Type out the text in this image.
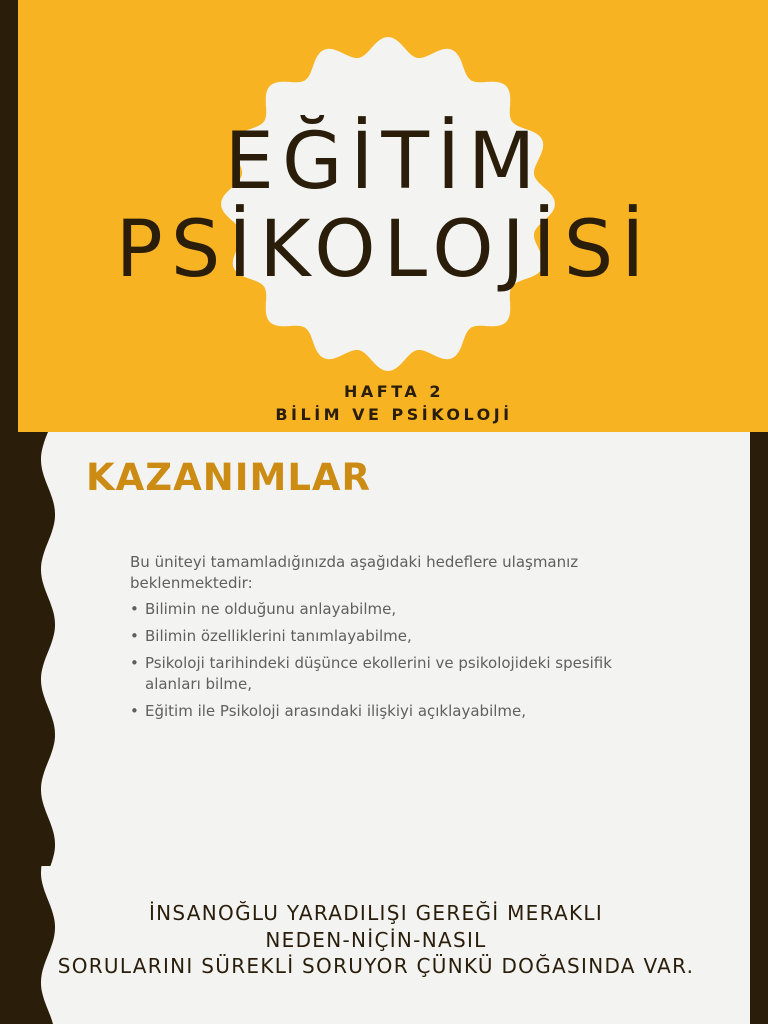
EĞİTİM
PSİKOLOJİSİ
HAFTA 2
BİLİM VE PSİKOLOJİ
KAZANIMLAR

Bu üniteyi tamamladığınızda aşağıdaki hedeflere ulaşmanız beklenmektedir:

• Bilimin ne olduğunu anlayabilme,
• Bilimin özelliklerini tanımlayabilme,
• Psikoloji tarihindeki düşünce ekollerini ve psikolojideki spesifik alanları bilme,
• Eğitim ile Psikoloji arasındaki ilişkiyi açıklayabilme,
İNSANOĞLU YARADILIŞI GEREĞİ MERAKLI
NEDEN-NİÇİN-NASIL
SORULARINI SÜREKLİ SORUYOR ÇÜNKÜ DOĞASINDA VAR.
